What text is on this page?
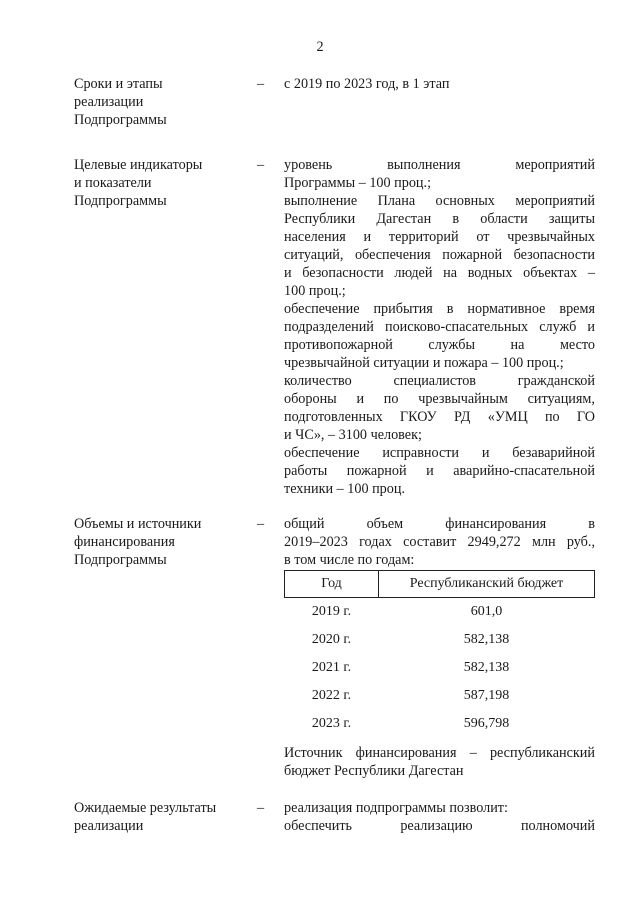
2
Сроки и этапы
реализации
Подпрограммы
– с 2019 по 2023 год, в 1 этап
Целевые индикаторы
и показатели
Подпрограммы
– уровень	выполнения	мероприятий
Программы – 100 проц.;
выполнение Плана основных мероприятий
Республики Дагестан в области защиты
населения и территорий от чрезвычайных
ситуаций, обеспечения пожарной безопасности
и безопасности людей на водных объектах –
100 проц.;
обеспечение прибытия в нормативное время
подразделений поисково-спасательных служб и
противопожарной	службы	на	место
чрезвычайной ситуации и пожара – 100 проц.;
количество	специалистов	гражданской
обороны и по чрезвычайным ситуациям,
подготовленных ГКОУ РД «УМЦ по ГО
и ЧС», – 3100 человек;
обеспечение исправности и безаварийной
работы пожарной и аварийно-спасательной
техники – 100 проц.
Объемы и источники
финансирования
Подпрограммы
– общий	объем	финансирования	в
2019–2023 годах составит 2949,272 млн руб.,
в том числе по годам:
Год	Республиканский бюджет
2019 г.	601,0
2020 г.	582,138
2021 г.	582,138
2022 г.	587,198
2023 г.	596,798
Источник финансирования – республиканский
бюджет Республики Дагестан
Ожидаемые результаты
реализации
– реализация подпрограммы позволит:
обеспечить	реализацию	полномочий
